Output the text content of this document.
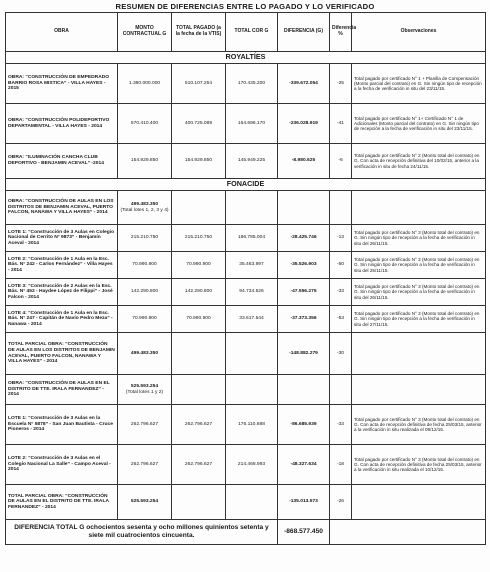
RESUMEN DE DIFERENCIAS ENTRE LO PAGADO Y LO VERIFICADO
OBRA	MONTO CONTRACTUAL G	TOTAL PAGADO (a la fecha de la VTIS)	TOTAL COR G	DIFERENCIA (G)	Diferencia %	Observaciones
ROYALTÍES						
OBRA: “CONSTRUCCIÓN DE EMPEDRADO BARRIO ROSA MISTICA” - VILLA HAYES - 2015	1.380.000.000	510.107.254	170.435.200	-339.672.054	-25	Total pagado por certificado N° 1 + Planilla de Compensación (Monto parcial del contrato) en G. Sin ningún tipo de recepción a la fecha de verificación in situ del 23/11/15.
OBRA: “CONSTRUCCIÓN POLIDEPORTIVO DEPARTAMENTAL - VILLA HAYES - 2014	570.410.400	400.725.089	164.696.170	-236.028.919	-41	Total pagado por certificado N° 1+ Certificado N° 1 de Adicionales (Monto parcial del contrato) en G. Sin ningún tipo de recepción a la fecha de verificación in situ del 23/11/15.
OBRA: “ILUMINACIÓN CANCHA CLUB DEPORTIVO - BENJAMIN ACEVAL” -2014	154.929.850	154.929.850	145.949.225	-8.980.625	-6	Total pagado por certificado N° 2 (Monto total del contrato) en G. Con acta de recepción definitiva del 10/02/15, anterior a la verificación in situ de fecha 24/11/15.
FONACIDE						
OBRA: “CONSTRUCCIÓN DE AULAS EN LOS DISTRITOS DE BENJAMIN ACEVAL, PUERTO FALCON, NANAWA Y VILLA HAYES” - 2014	499.483.350
(Total lotes 1, 2, 3 y 4)					
LOTE 1: “Construcción de 3 Aulas en Colegio Nacional de Cerrito N° 9873” - Benjamín Aceval - 2014	215.210.750	215.210.750	186.785.004	-28.425.746	-13	Total pagado por certificado N° 3 (Monto total del contrato) en G. Sin ningún tipo de recepción a la fecha de verificación in situ del 26/11/15.
LOTE 2: “Construcción de 1 Aula en la Esc. Bás. N° 242 - Carlos Fernández” - Villa Hayes - 2014	70.990.900	70.990.900	35.463.997	-35.526.903	-50	Total pagado por certificado N° 3 (Monto total del contrato) en G. Sin ningún tipo de recepción a la fecha de verificación in situ del 25/11/15.
LOTE 3: “Construcción de 2 Aulas en la Esc. Bás. N° 452 - Haydee López de Filippi” - José Falcon - 2014	142.290.800	142.290.800	94.734.526	-47.556.275	-33	Total pagado por certificado N° 3 (Monto total del contrato) en G. Sin ningún tipo de recepción a la fecha de verificación in situ del 26/11/15.
LOTE 4: “Construcción de 1 Aula en la Esc. Bás. N° 247 - Capitán de Navío Pedro Meza” - Nanawa - 2014	70.990.900	70.990.900	33.617.544	-37.373.356	-53	Total pagado por certificado N° 3 (Monto total del contrato) en G. Sin ningún tipo de recepción a la fecha de verificación in situ del 27/11/15.
TOTAL PARCIAL OBRA: “CONSTRUCCIÓN DE AULAS EN LOS DISTRITOS DE BENJAMIN ACEVAL, PUERTO FALCON, NANAWA Y VILLA HAYES” - 2014	499.483.350			-148.882.279	-30	
OBRA: “CONSTRUCCIÓN DE AULAS EN EL DISTRITO DE TTE. IRALA FERNANDEZ” - 2014	525.593.254
(Total lotes 1 y 2)					
LOTE 1: “Construcción de 3 Aulas en la Escuela N° 5878” - San Juan Bautista - Cruce Pioneros - 2014	262.796.627	262.796.627	176.110.688	-86.685.939	-33	Total pagado por certificado N° 3 (Monto total del contrato) en G. Con acta de recepción definitiva de fecha 25/03/15, anterior a la verificación in situ realizada el 09/12/15.
LOTE 2: “Construcción de 3 Aulas en el Colegio Nacional La Salle” - Campo Aceval - 2014	262.796.627	262.796.627	214.468.993	-48.327.634	-18	Total pagado por certificado N° 3 (Monto total del contrato) en G. Con acta de recepción definitiva de fecha 25/03/15, anterior a la verificación in situ realizada el 10/12/15.
TOTAL PARCIAL OBRA: “CONSTRUCCIÓN DE AULAS EN EL DISTRITO DE TTE. IRALA FERNANDEZ” - 2014	525.593.254			-135.013.573	-26	
DIFERENCIA TOTAL G ochocientos sesenta y ocho millones quinientos setenta y siete mil cuatrocientos cincuenta.				-868.577.450		
